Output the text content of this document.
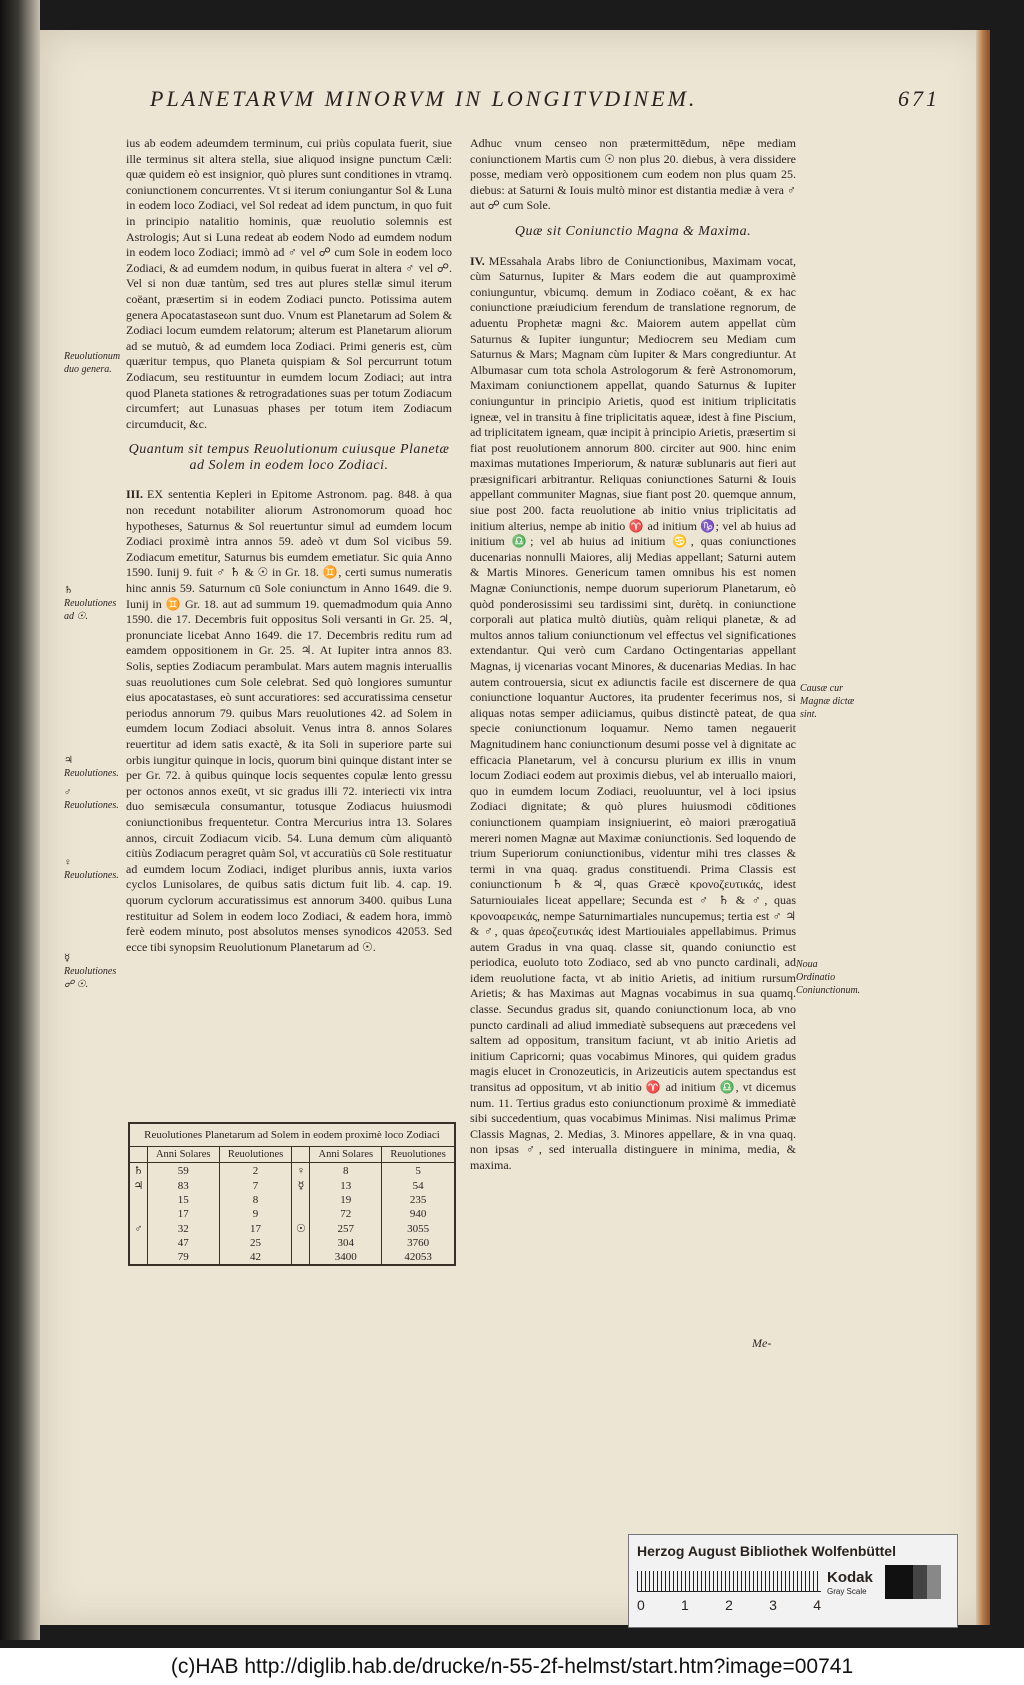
PLANETARVM MINORVM IN LONGITVDINEM.	671

ius ab eodem adeumdem terminum, cui priùs copulata fuerit, siue ille terminus sit altera stella, siue aliquod insigne punctum Cæli: quæ quidem eò est insignior, quò plures sunt conditiones in vtramq. coniunctionem concurrentes. Vt si iterum coniungantur Sol & Luna in eodem loco Zodiaci, vel Sol redeat ad idem punctum, in quo fuit in principio natalitio hominis, quæ reuolutio solemnis est Astrologis; Aut si Luna redeat ab eodem Nodo ad eumdem nodum in eodem loco Zodiaci; immò ad ♂ vel ☍ cum Sole in eodem loco Zodiaci, & ad eumdem nodum, in quibus fuerat in altera ♂ vel ☍. Vel si non duæ tantùm, sed tres aut plures stellæ simul iterum coëant, præsertim si in eodem Zodiaci puncto. Potissima autem genera Apocatastaseωn sunt duo. Vnum est Planetarum ad Solem & Zodiaci locum eumdem relatorum; alterum est Planetarum aliorum ad se mutuò, & ad eumdem loca Zodiaci. Primi generis est, cùm quæritur tempus, quo Planeta quispiam & Sol percurrunt totum Zodiacum, seu restituuntur in eumdem locum Zodiaci; aut intra quod Planeta stationes & retrogradationes suas per totum Zodiacum circumfert; aut Lunasuas phases per totum item Zodiacum circumducit, &c.

Quantum sit tempus Reuolutionum cuiusque Planetæ ad Solem in eodem loco Zodiaci.

III. EX sententia Kepleri in Epitome Astronom. pag. 848. à qua non recedunt notabiliter aliorum Astronomorum quoad hoc hypotheses, Saturnus & Sol reuertuntur simul ad eumdem locum Zodiaci proximè intra annos 59. adeò vt dum Sol vicibus 59. Zodiacum emetitur, Saturnus bis eumdem emetiatur. Sic quia Anno 1590. Iunij 9. fuit ♂ ♄ & ☉ in Gr. 18. ♊, certi sumus numeratis hinc annis 59. Saturnum cū Sole coniunctum in Anno 1649. die 9. Iunij in ♊ Gr. 18. aut ad summum 19. quemadmodum quia Anno 1590. die 17. Decembris fuit oppositus Soli versanti in Gr. 25. ♃, pronunciate licebat Anno 1649. die 17. Decembris reditu rum ad eamdem oppositionem in Gr. 25. ♃. At Iupiter intra annos 83. Solis, septies Zodiacum perambulat. Mars autem magnis interuallis suas reuolutiones cum Sole celebrat. Sed quò longiores sumuntur eius apocatastases, eò sunt accuratiores: sed accuratissima censetur periodus annorum 79. quibus Mars reuolutiones 42. ad Solem in eumdem locum Zodiaci absoluit. Venus intra 8. annos Solares reuertitur ad idem satis exactè, & ita Soli in superiore parte sui orbis iungitur quinque in locis, quorum bini quinque distant inter se per Gr. 72. à quibus quinque locis sequentes copulæ lento gressu per octonos annos exeūt, vt sic gradus illi 72. interiecti vix intra duo semisæcula consumantur, totusque Zodiacus huiusmodi coniunctionibus frequentetur. Contra Mercurius intra 13. Solares annos, circuit Zodiacum vicib. 54. Luna demum cùm aliquantò citiùs Zodiacum peragret quàm Sol, vt accuratiùs cū Sole restituatur ad eumdem locum Zodiaci, indiget pluribus annis, iuxta varios cyclos Lunisolares, de quibus satis dictum fuit lib. 4. cap. 19. quorum cyclorum accuratissimus est annorum 3400. quibus Luna restituitur ad Solem in eodem loco Zodiaci, & eadem hora, immò ferè eodem minuto, post absolutos menses synodicos 42053. Sed ecce tibi synopsim Reuolutionum Planetarum ad ☉.

Reuolutionum duo genera.
♄ Reuolutiones ad ☉.
♃ Reuolutiones.
♂ Reuolutiones.
♀ Reuolutiones.
☿ Reuolutiones ☍ ☉.
Causæ cur Magnæ dictæ sint.
Noua Ordinatio Coniunctionum.
Reuolutiones Planetarum ad Solem in eodem proximè loco Zodiaci
	Anni Solares	Reuolutiones		Anni Solares	Reuolutiones
♄	59	2	♀	8	5
♃	83	7	☿	13	54
	15	8		19	235
	17	9		72	940
♂	32	17	☉	257	3055
	47	25		304	3760
	79	42		3400	42053

Adhuc vnum censeo non prætermittēdum, nēpe mediam coniunctionem Martis cum ☉ non plus 20. diebus, à vera dissidere posse, mediam verò oppositionem cum eodem non plus quam 25. diebus: at Saturni & Iouis multò minor est distantia mediæ à vera ♂ aut ☍ cum Sole.

Quæ sit Coniunctio Magna & Maxima.

IV. MEssahala Arabs libro de Coniunctionibus, Maximam vocat, cùm Saturnus, Iupiter & Mars eodem die aut quamproximè coniunguntur, vbicumq. demum in Zodiaco coëant, & ex hac coniunctione præiudicium ferendum de translatione regnorum, de aduentu Prophetæ magni &c. Maiorem autem appellat cùm Saturnus & Iupiter iunguntur; Mediocrem seu Mediam cum Saturnus & Mars; Magnam cùm Iupiter & Mars congrediuntur. At Albumasar cum tota schola Astrologorum & ferè Astronomorum, Maximam coniunctionem appellat, quando Saturnus & Iupiter coniunguntur in principio Arietis, quod est initium triplicitatis igneæ, vel in transitu à fine triplicitatis aqueæ, idest à fine Piscium, ad triplicitatem igneam, quæ incipit à principio Arietis, præsertim si fiat post reuolutionem annorum 800. circiter aut 900. hinc enim maximas mutationes Imperiorum, & naturæ sublunaris aut fieri aut præsignificari arbitrantur. Reliquas coniunctiones Saturni & Iouis appellant communiter Magnas, siue fiant post 20. quemque annum, siue post 200. facta reuolutione ab initio vnius triplicitatis ad initium alterius, nempe ab initio ♈ ad initium ♑; vel ab huius ad initium ♎; vel ab huius ad initium ♋, quas coniunctiones ducenarias nonnulli Maiores, alij Medias appellant; Saturni autem & Martis Minores. Genericum tamen omnibus his est nomen Magnæ Coniunctionis, nempe duorum superiorum Planetarum, eò quòd ponderosissimi seu tardissimi sint, durètq. in coniunctione corporali aut platica multò diutiùs, quàm reliqui planetæ, & ad multos annos talium coniunctionum vel effectus vel significationes extendantur. Qui verò cum Cardano Octingentarias appellant Magnas, ij vicenarias vocant Minores, & ducenarias Medias. In hac autem controuersia, sicut ex adiunctis facile est discernere de qua coniunctione loquantur Auctores, ita prudenter fecerimus nos, si aliquas notas semper adiiciamus, quibus distinctè pateat, de qua specie coniunctionum loquamur. Nemo tamen negauerit Magnitudinem hanc coniunctionum desumi posse vel à dignitate ac efficacia Planetarum, vel à concursu plurium ex illis in vnum locum Zodiaci eodem aut proximis diebus, vel ab interuallo maiori, quo in eumdem locum Zodiaci, reuoluuntur, vel à loci ipsius Zodiaci dignitate; & quò plures huiusmodi cōditiones coniunctionem quampiam insigniuerint, eò maiori prærogatiuā mereri nomen Magnæ aut Maximæ coniunctionis. Sed loquendo de trium Superiorum coniunctionibus, videntur mihi tres classes & termi in vna quaq. gradus constituendi. Prima Classis est coniunctionum ♄ & ♃, quas Græcè κρονοζευτικάς, idest Saturniouiales liceat appellare; Secunda est ♂ ♄ & ♂, quas κρονοαρεικάς, nempe Saturnimartiales nuncupemus; tertia est ♂ ♃ & ♂, quas ἀρεοζευτικάς idest Martiouiales appellabimus. Primus autem Gradus in vna quaq. classe sit, quando coniunctio est periodica, euoluto toto Zodiaco, sed ab vno puncto cardinali, ad idem reuolutione facta, vt ab initio Arietis, ad initium rursum Arietis; & has Maximas aut Magnas vocabimus in sua quamq. classe. Secundus gradus sit, quando coniunctionum loca, ab vno puncto cardinali ad aliud immediatè subsequens aut præcedens vel saltem ad oppositum, transitum faciunt, vt ab initio Arietis ad initium Capricorni; quas vocabimus Minores, qui quidem gradus magis elucet in Cronozeuticis, in Arizeuticis autem spectandus est transitus ad oppositum, vt ab initio ♈ ad initium ♎, vt dicemus num. 11. Tertius gradus esto coniunctionum proximè & immediatè sibi succedentium, quas vocabimus Minimas. Nisi malimus Primæ Classis Magnas, 2. Medias, 3. Minores appellare, & in vna quaq. non ipsas ♂, sed interualla distinguere in minima, media, & maxima.

Me-
Herzog August Bibliothek Wolfenbüttel
0	1	2	3	4
Kodak
Gray Scale
(c)HAB http://diglib.hab.de/drucke/n-55-2f-helmst/start.htm?image=00741
